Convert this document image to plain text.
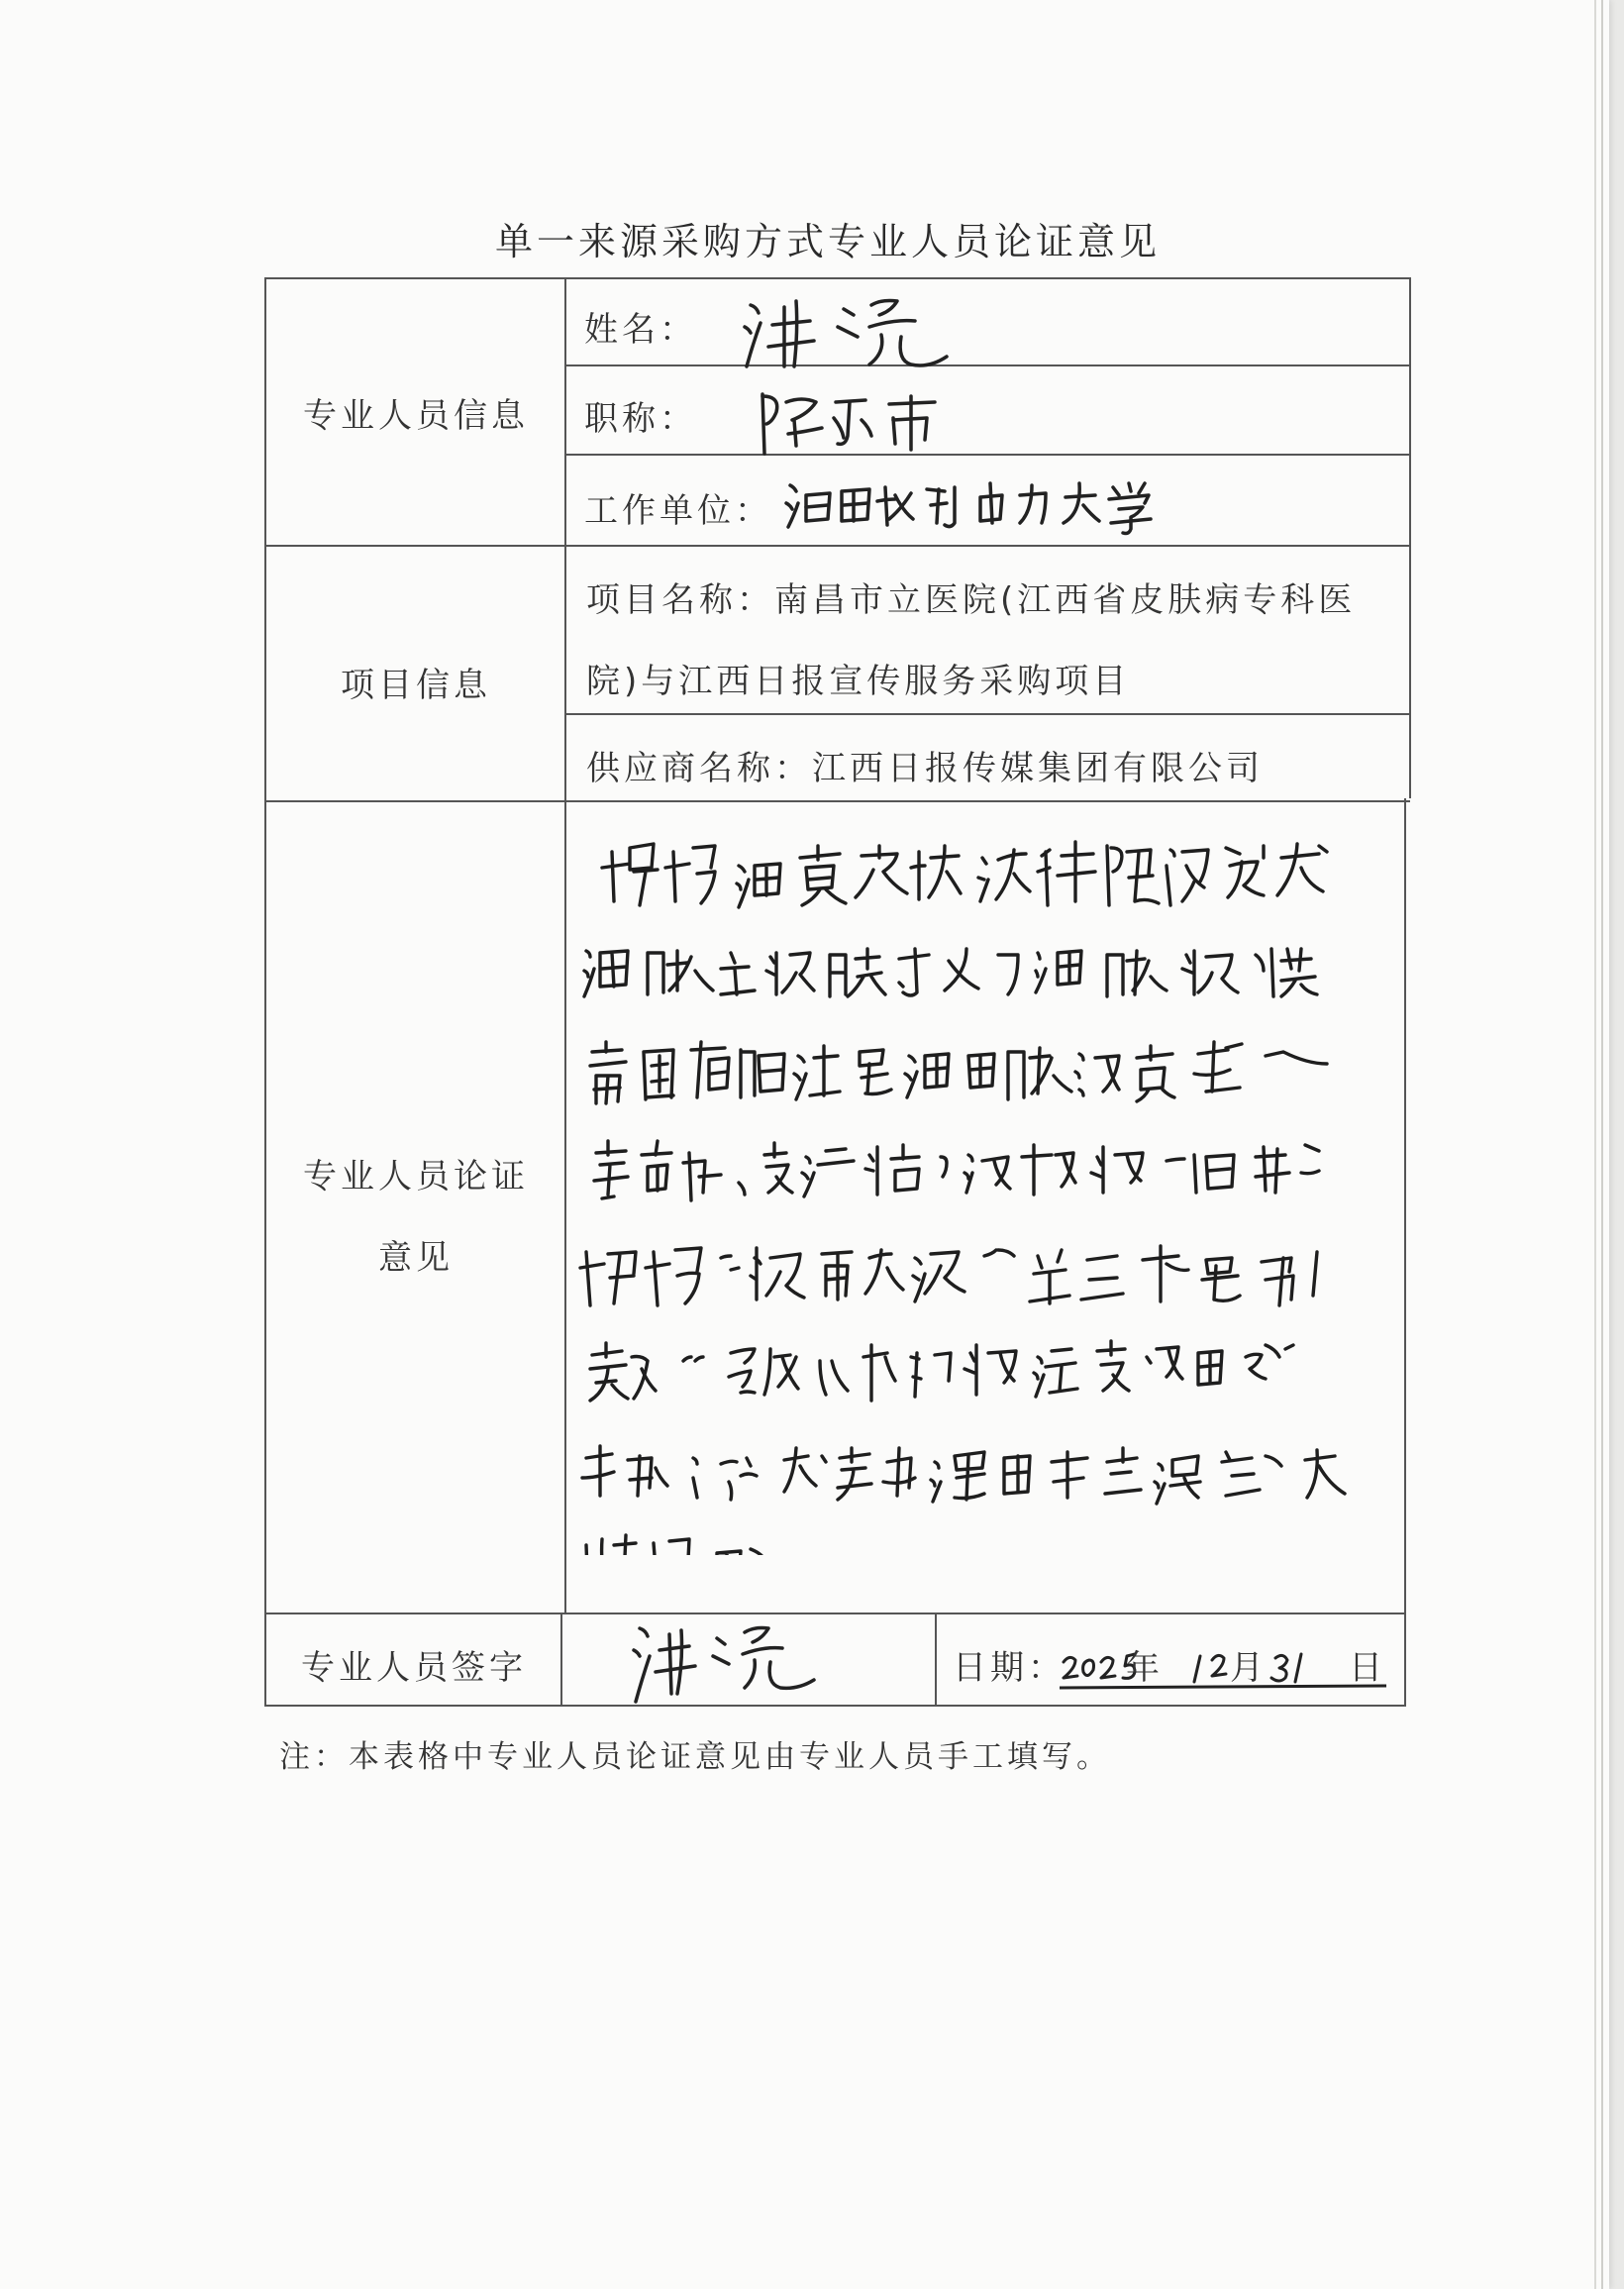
单一来源采购方式专业人员论证意见
专业人员信息
姓名：
职称：
工作单位：
项目信息
项目名称：南昌市立医院(江西省皮肤病专科医
院)与江西日报宣传服务采购项目
供应商名称：江西日报传媒集团有限公司
专业人员论证
意见
专业人员签字	日期： 年 月 日
注：本表格中专业人员论证意见由专业人员手工填写。
